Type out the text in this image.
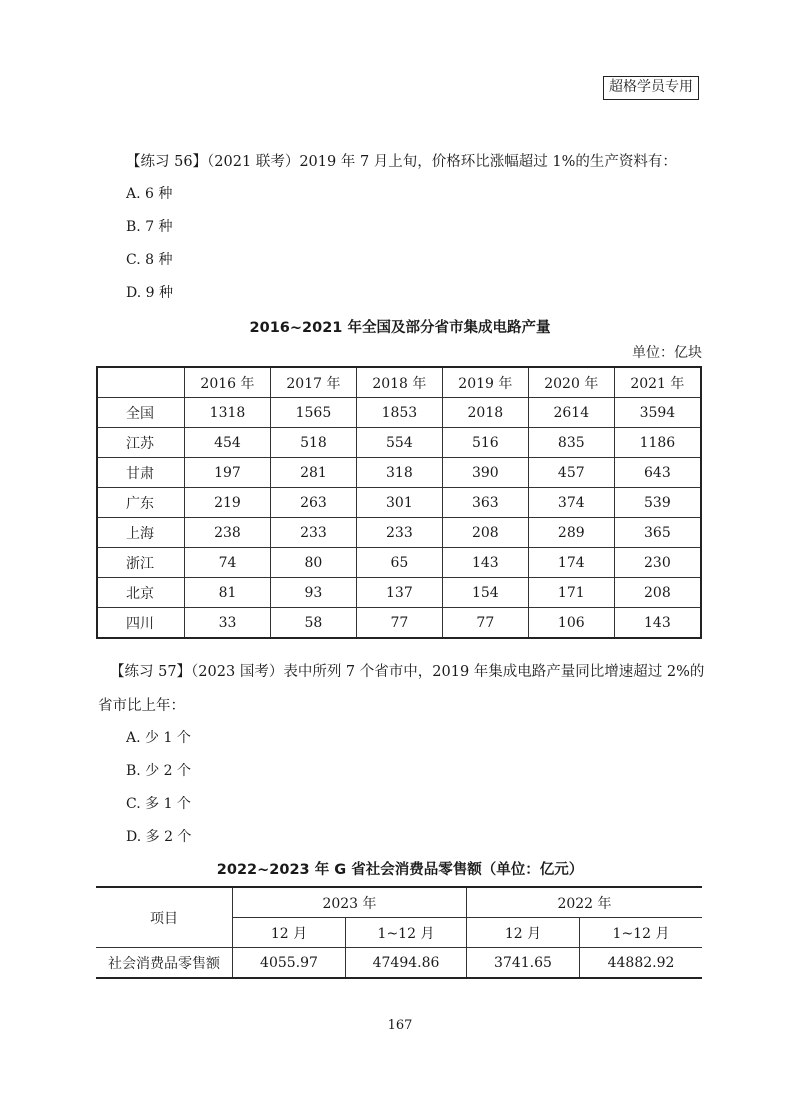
超格学员专用
【练习 56】（2021 联考）2019 年 7 月上旬，价格环比涨幅超过 1%的生产资料有：
A. 6 种
B. 7 种
C. 8 种
D. 9 种
2016~2021 年全国及部分省市集成电路产量
单位：亿块
	2016 年	2017 年	2018 年	2019 年	2020 年	2021 年
全国	1318	1565	1853	2018	2614	3594
江苏	454	518	554	516	835	1186
甘肃	197	281	318	390	457	643
广东	219	263	301	363	374	539
上海	238	233	233	208	289	365
浙江	74	80	65	143	174	230
北京	81	93	137	154	171	208
四川	33	58	77	77	106	143
【练习 57】（2023 国考）表中所列 7 个省市中，2019 年集成电路产量同比增速超过 2%的
省市比上年：
A. 少 1 个
B. 少 2 个
C. 多 1 个
D. 多 2 个
2022~2023 年 G 省社会消费品零售额（单位：亿元）
项目	2023 年		2022 年	
	12 月	1~12 月	12 月	1~12 月
社会消费品零售额	4055.97	47494.86	3741.65	44882.92
167
